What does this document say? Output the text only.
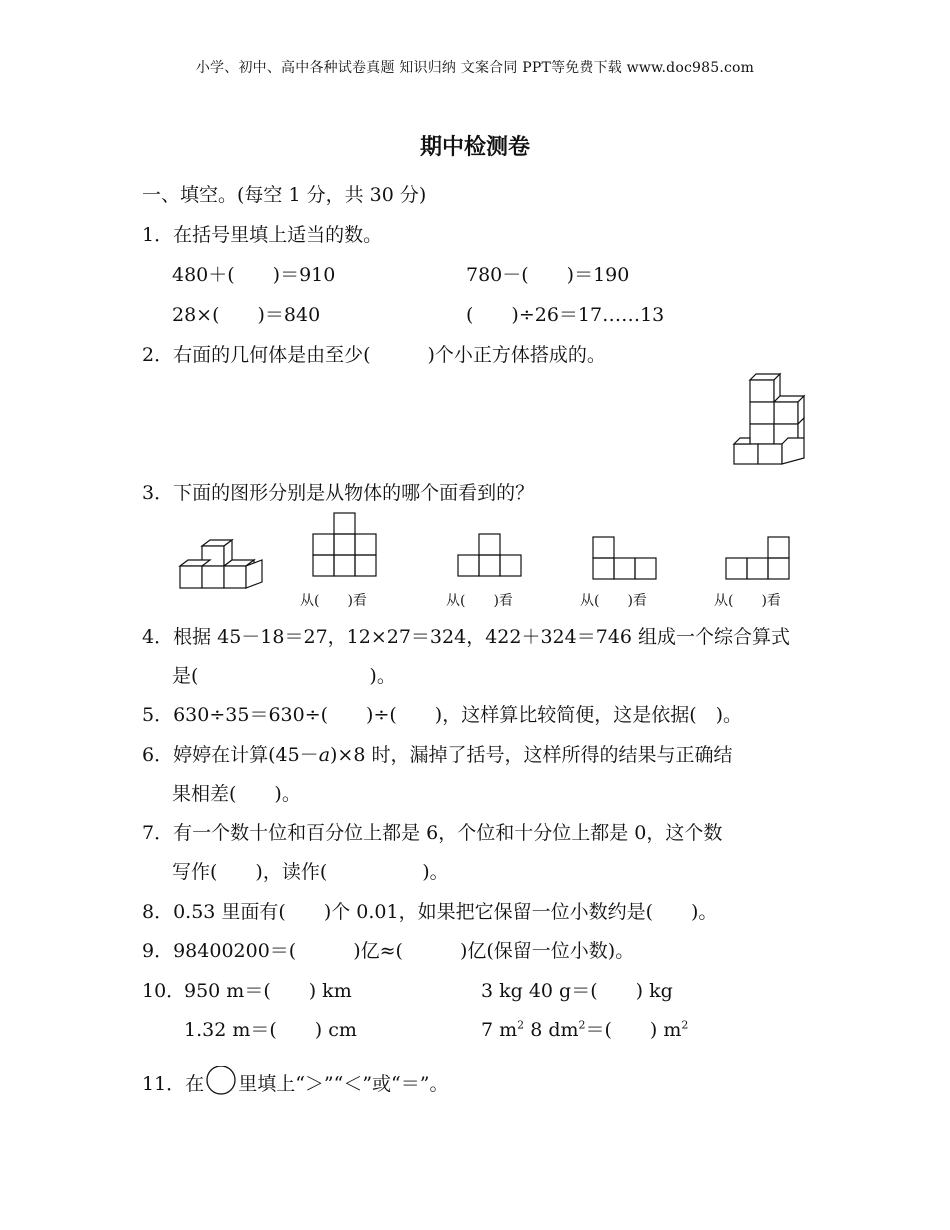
小学、初中、高中各种试卷真题 知识归纳 文案合同 PPT等免费下载 www.doc985.com
期中检测卷
一、填空。(每空 1 分，共 30 分)
1．在括号里填上适当的数。
480＋(　　)＝910	780－(　　)＝190
28×(　　)＝840	(　　)÷26＝17……13
2．右面的几何体是由至少(　　　)个小正方体搭成的。
3．下面的图形分别是从物体的哪个面看到的？
从(　　)看	从(　　)看	从(　　)看	从(　　)看
4．根据 45－18＝27，12×27＝324，422＋324＝746 组成一个综合算式
是(　　　　　　　　　)。
5．630÷35＝630÷(　　)÷(　　)，这样算比较简便，这是依据(　)。
6．婷婷在计算(45－a)×8 时，漏掉了括号，这样所得的结果与正确结
果相差(　　)。
7．有一个数十位和百分位上都是 6，个位和十分位上都是 0，这个数
写作(　　)，读作(　　　　　)。
8．0.53 里面有(　　)个 0.01，如果把它保留一位小数约是(　　)。
9．98400200＝(　　　)亿≈(　　　)亿(保留一位小数)。
10．
950 m＝(　　) km	3 kg 40 g＝(　　) kg
1.32 m＝(　　) cm	7 $m^2$ 8 $dm^2=$(　　) $m^2$
11．在 里填上“＞”“＜”或“＝”。
